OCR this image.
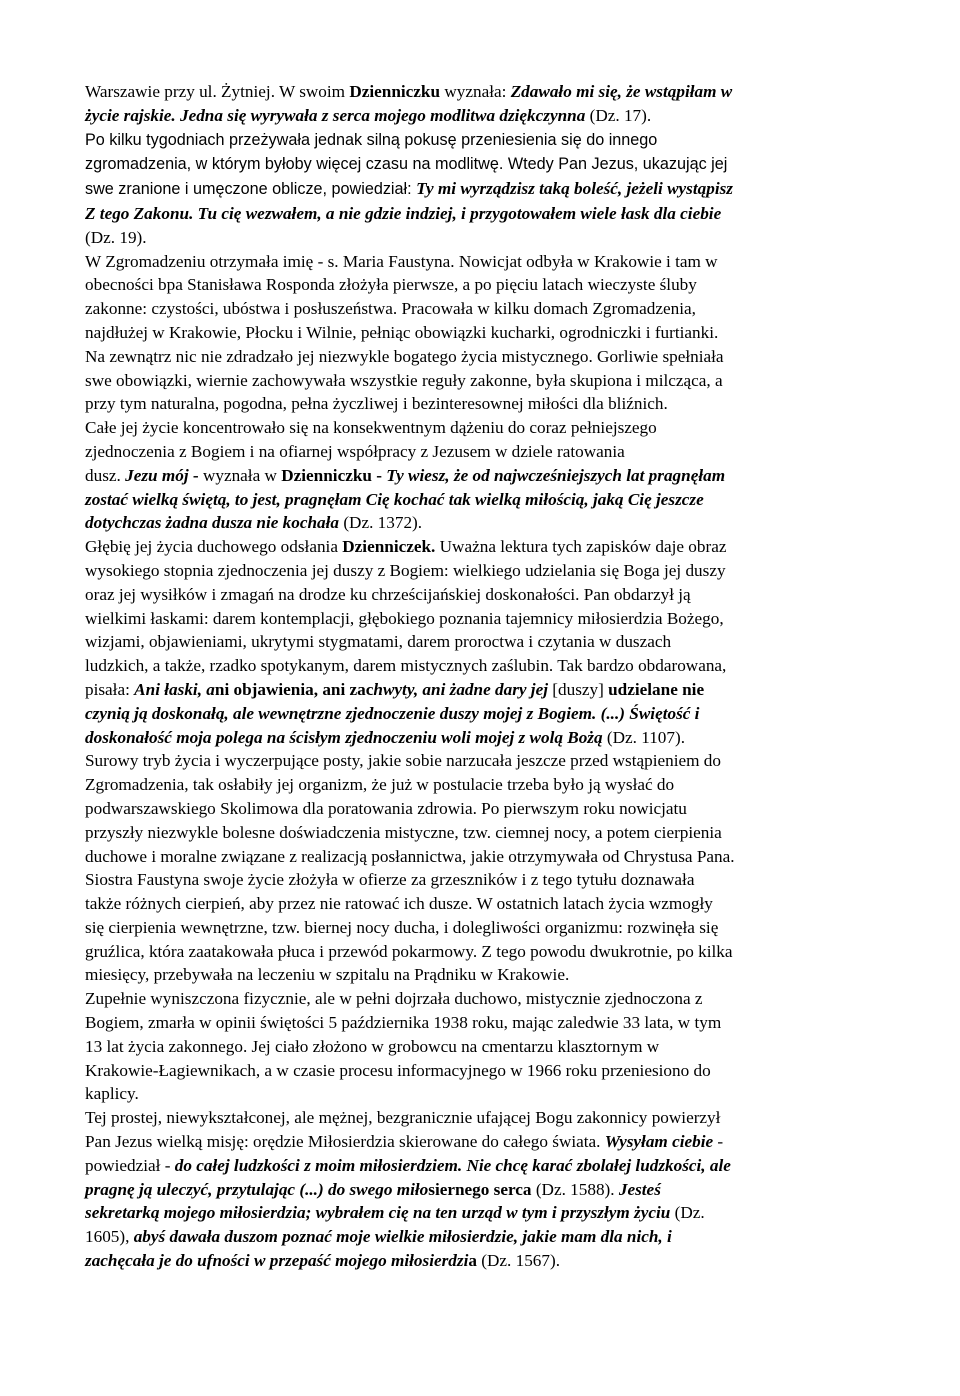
Warszawie przy ul. Żytniej. W swoim Dzienniczku wyznała: Zdawało mi się, że wstąpiłam w
życie rajskie. Jedna się wyrywała z serca mojego modlitwa dziękczynna (Dz. 17).
Po kilku tygodniach przeżywała jednak silną pokusę przeniesienia się do innego
zgromadzenia, w którym byłoby więcej czasu na modlitwę. Wtedy Pan Jezus, ukazując jej
swe zranione i umęczone oblicze, powiedział: Ty mi wyrządzisz taką boleść, jeżeli wystąpisz
Z tego Zakonu. Tu cię wezwałem, a nie gdzie indziej, i przygotowałem wiele łask dla ciebie
(Dz. 19).

W Zgromadzeniu otrzymała imię - s. Maria Faustyna. Nowicjat odbyła w Krakowie i tam w
obecności bpa Stanisława Rosponda złożyła pierwsze, a po pięciu latach wieczyste śluby
zakonne: czystości, ubóstwa i posłuszeństwa. Pracowała w kilku domach Zgromadzenia,
najdłużej w Krakowie, Płocku i Wilnie, pełniąc obowiązki kucharki, ogrodniczki i furtianki.
Na zewnątrz nic nie zdradzało jej niezwykle bogatego życia mistycznego. Gorliwie spełniała
swe obowiązki, wiernie zachowywała wszystkie reguły zakonne, była skupiona i milcząca, a
przy tym naturalna, pogodna, pełna życzliwej i bezinteresownej miłości dla bliźnich.

Całe jej życie koncentrowało się na konsekwentnym dążeniu do coraz pełniejszego
zjednoczenia z Bogiem i na ofiarnej współpracy z Jezusem w dziele ratowania
dusz. Jezu mój - wyznała w Dzienniczku - Ty wiesz, że od najwcześniejszych lat pragnęłam
zostać wielką świętą, to jest, pragnęłam Cię kochać tak wielką miłością, jaką Cię jeszcze
dotychczas żadna dusza nie kochała (Dz. 1372).

Głębię jej życia duchowego odsłania Dzienniczek. Uważna lektura tych zapisków daje obraz
wysokiego stopnia zjednoczenia jej duszy z Bogiem: wielkiego udzielania się Boga jej duszy
oraz jej wysiłków i zmagań na drodze ku chrześcijańskiej doskonałości. Pan obdarzył ją
wielkimi łaskami: darem kontemplacji, głębokiego poznania tajemnicy miłosierdzia Bożego,
wizjami, objawieniami, ukrytymi stygmatami, darem proroctwa i czytania w duszach
ludzkich, a także, rzadko spotykanym, darem mistycznych zaślubin. Tak bardzo obdarowana,
pisała: Ani łaski, ani objawienia, ani zachwyty, ani żadne dary jej [duszy] udzielane nie
czynią ją doskonałą, ale wewnętrzne zjednoczenie duszy mojej z Bogiem. (...) Świętość i
doskonałość moja polega na ścisłym zjednoczeniu woli mojej z wolą Bożą (Dz. 1107).

Surowy tryb życia i wyczerpujące posty, jakie sobie narzucała jeszcze przed wstąpieniem do
Zgromadzenia, tak osłabiły jej organizm, że już w postulacie trzeba było ją wysłać do
podwarszawskiego Skolimowa dla poratowania zdrowia. Po pierwszym roku nowicjatu
przyszły niezwykle bolesne doświadczenia mistyczne, tzw. ciemnej nocy, a potem cierpienia
duchowe i moralne związane z realizacją posłannictwa, jakie otrzymywała od Chrystusa Pana.
Siostra Faustyna swoje życie złożyła w ofierze za grzeszników i z tego tytułu doznawała
także różnych cierpień, aby przez nie ratować ich dusze. W ostatnich latach życia wzmogły
się cierpienia wewnętrzne, tzw. biernej nocy ducha, i dolegliwości organizmu: rozwinęła się
gruźlica, która zaatakowała płuca i przewód pokarmowy. Z tego powodu dwukrotnie, po kilka
miesięcy, przebywała na leczeniu w szpitalu na Prądniku w Krakowie.

Zupełnie wyniszczona fizycznie, ale w pełni dojrzała duchowo, mistycznie zjednoczona z
Bogiem, zmarła w opinii świętości 5 października 1938 roku, mając zaledwie 33 lata, w tym
13 lat życia zakonnego. Jej ciało złożono w grobowcu na cmentarzu klasztornym w
Krakowie-Łagiewnikach, a w czasie procesu informacyjnego w 1966 roku przeniesiono do
kaplicy.

Tej prostej, niewykształconej, ale mężnej, bezgranicznie ufającej Bogu zakonnicy powierzył
Pan Jezus wielką misję: orędzie Miłosierdzia skierowane do całego świata. Wysyłam ciebie -
powiedział - do całej ludzkości z moim miłosierdziem. Nie chcę karać zbolałej ludzkości, ale
pragnę ją uleczyć, przytulając (...) do swego miłosiernego serca (Dz. 1588). Jesteś
sekretarką mojego miłosierdzia; wybrałem cię na ten urząd w tym i przyszłym życiu (Dz.
1605), abyś dawała duszom poznać moje wielkie miłosierdzie, jakie mam dla nich, i
zachęcała je do ufności w przepaść mojego miłosierdzia (Dz. 1567).
